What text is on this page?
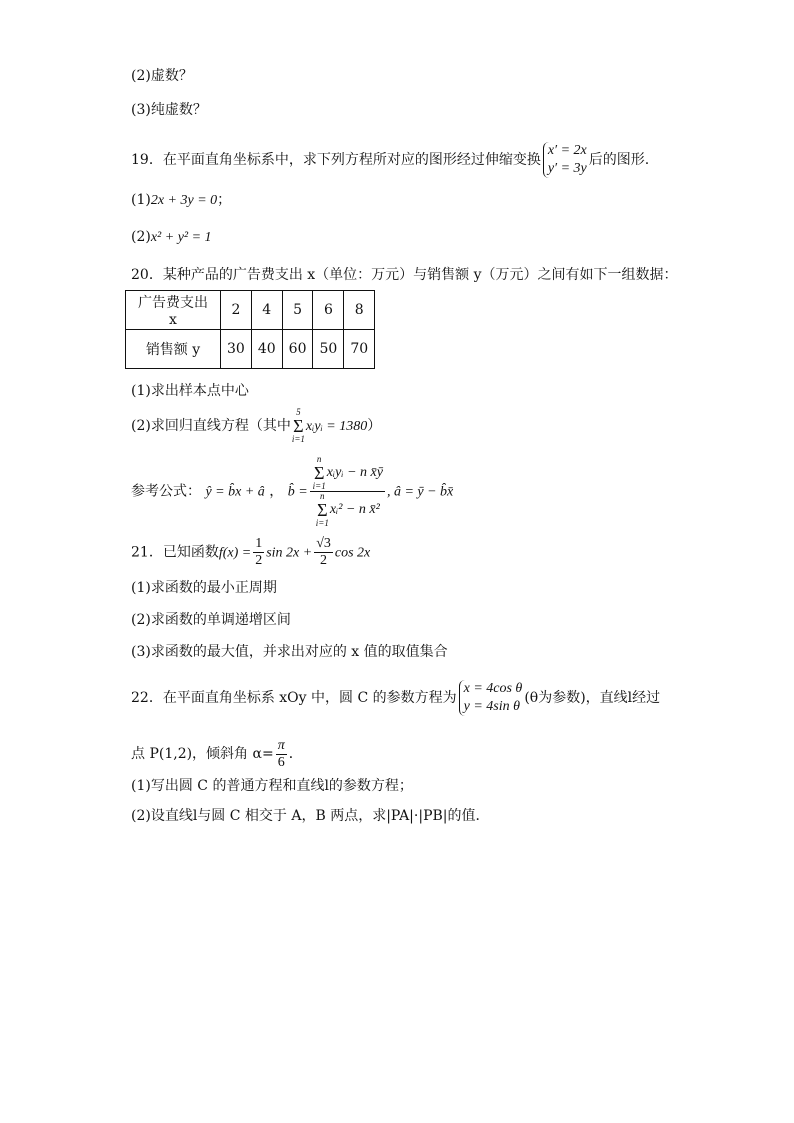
(2)虚数？
(3)纯虚数？
19．在平面直角坐标系中，求下列方程所对应的图形经过伸缩变换x′ = 2x
y′ = 3y后的图形.
(1)2x + 3y = 0；
(2)x² + y² = 1
20．某种产品的广告费支出 x（单位：万元）与销售额 y（万元）之间有如下一组数据：
广告费支出 x	2	4	5	6	8
销售额 y	30	40	60	50	70
(1)求出样本点中心
(2)求回归直线方程（其中5
Σ
i=1xᵢyᵢ = 1380）
参考公式： ŷ = b̂x + â ， b̂ = n
Σ
i=1xᵢyᵢ − n x̄ȳ
n
Σ
i=1xᵢ² − n x̄² , â = ȳ − b̂x̄
21．已知函数$f(x) = \frac{1}{2}$ $\sin 2x + \frac{√3}{2}$ cos 2x
(1)求函数的最小正周期
(2)求函数的单调递增区间
(3)求函数的最大值，并求出对应的 x 值的取值集合
22．在平面直角坐标系 xOy 中，圆 C 的参数方程为x = 4cos θ
y = 4sin θ(θ为参数)，直线l经过
点 P(1,2)，倾斜角 $\alpha= \frac{\pi}{6}$ ．
(1)写出圆 C 的普通方程和直线l的参数方程；
(2)设直线l与圆 C 相交于 A，B 两点，求|PA|·|PB|的值．
